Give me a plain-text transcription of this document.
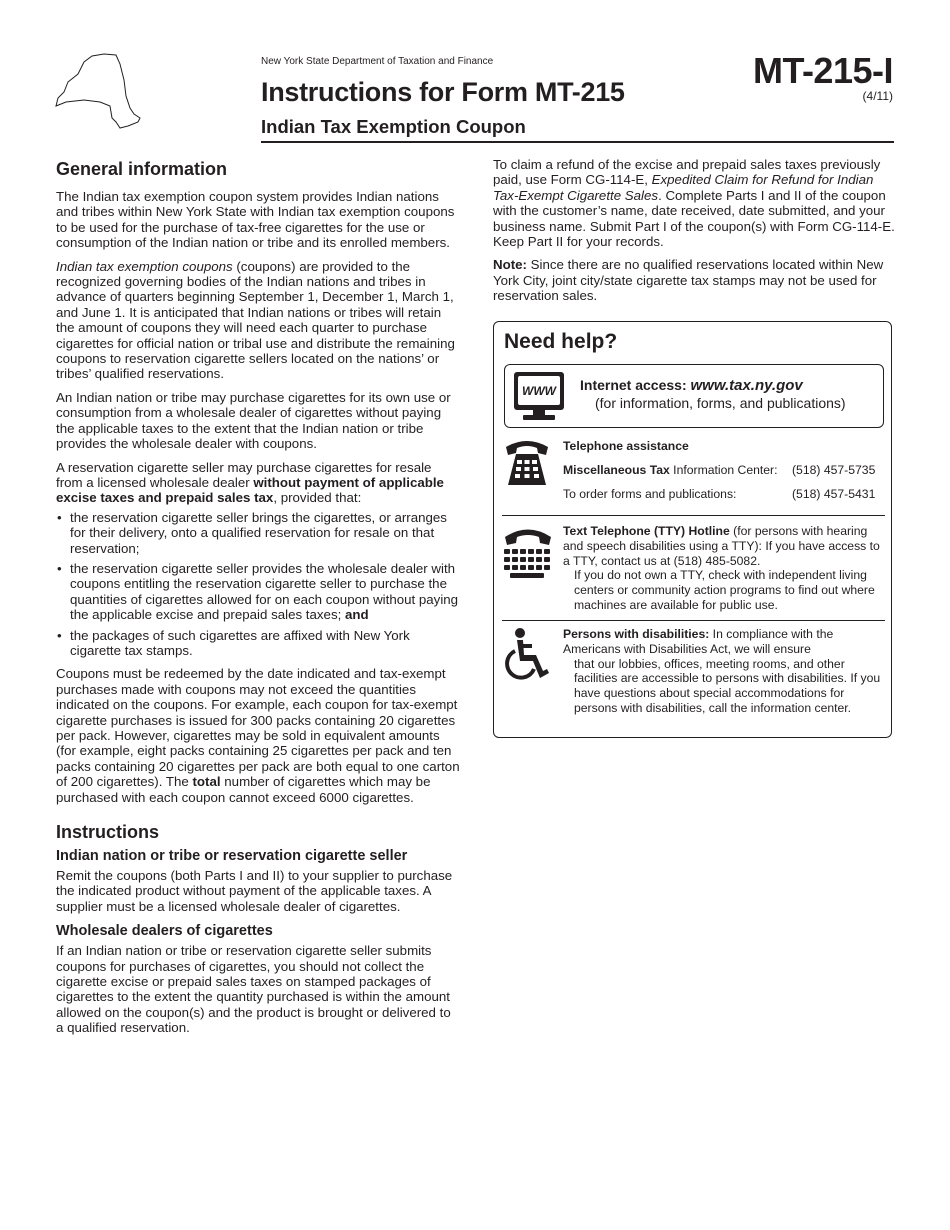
New York State Department of Taxation and Finance
Instructions for Form MT-215
Indian Tax Exemption Coupon
MT-215-I
(4/11)
General information

The Indian tax exemption coupon system provides Indian nations and tribes within New York State with Indian tax exemption coupons to be used for the purchase of tax-free cigarettes for the use or consumption of the Indian nation or tribe and its enrolled members.

Indian tax exemption coupons (coupons) are provided to the recognized governing bodies of the Indian nations and tribes in advance of quarters beginning September 1, December 1, March 1, and June 1. It is anticipated that Indian nations or tribes will retain the amount of coupons they will need each quarter to purchase cigarettes for official nation or tribal use and distribute the remaining coupons to reservation cigarette sellers located on the nations’ or tribes’ qualified reservations.

An Indian nation or tribe may purchase cigarettes for its own use or consumption from a wholesale dealer of cigarettes without paying the applicable taxes to the extent that the Indian nation or tribe provides the wholesale dealer with coupons.

A reservation cigarette seller may purchase cigarettes for resale from a licensed wholesale dealer without payment of applicable excise taxes and prepaid sales tax, provided that:

• the reservation cigarette seller brings the cigarettes, or arranges for their delivery, onto a qualified reservation for resale on that reservation;
• the reservation cigarette seller provides the wholesale dealer with coupons entitling the reservation cigarette seller to purchase the quantities of cigarettes allowed for on each coupon without paying the applicable excise and prepaid sales taxes; and
• the packages of such cigarettes are affixed with New York cigarette tax stamps.

Coupons must be redeemed by the date indicated and tax-exempt purchases made with coupons may not exceed the quantities indicated on the coupons. For example, each coupon for tax-exempt cigarette purchases is issued for 300 packs containing 20 cigarettes per pack. However, cigarettes may be sold in equivalent amounts (for example, eight packs containing 25 cigarettes per pack and ten packs containing 20 cigarettes per pack are both equal to one carton of 200 cigarettes). The total number of cigarettes which may be purchased with each coupon cannot exceed 6000 cigarettes.

Instructions
Indian nation or tribe or reservation cigarette seller

Remit the coupons (both Parts I and II) to your supplier to purchase the indicated product without payment of the applicable taxes. A supplier must be a licensed wholesale dealer of cigarettes.

Wholesale dealers of cigarettes

If an Indian nation or tribe or reservation cigarette seller submits coupons for purchases of cigarettes, you should not collect the cigarette excise or prepaid sales taxes on stamped packages of cigarettes to the extent the quantity purchased is within the amount allowed on the coupon(s) and the product is brought or delivered to a qualified reservation.

To claim a refund of the excise and prepaid sales taxes previously paid, use Form CG-114-E, Expedited Claim for Refund for Indian Tax-Exempt Cigarette Sales. Complete Parts I and II of the coupon with the customer’s name, date received, date submitted, and your business name. Submit Part I of the coupon(s) with Form CG-114-E. Keep Part II for your records.

Note: Since there are no qualified reservations located within New York City, joint city/state cigarette tax stamps may not be used for reservation sales.

Need help?
WWW Internet access: www.tax.ny.gov
(for information, forms, and publications)
Telephone assistance
Miscellaneous Tax Information Center:	(518) 457-5735
To order forms and publications:	(518) 457-5431
Text Telephone (TTY) Hotline (for persons with hearing and speech disabilities using a TTY): If you have access to a TTY, contact us at (518) 485-5082.
If you do not own a TTY, check with independent living centers or community action programs to find out where machines are available for public use.
Persons with disabilities: In compliance with the Americans with Disabilities Act, we will ensure
that our lobbies, offices, meeting rooms, and other facilities are accessible to persons with disabilities. If you have questions about special accommodations for persons with disabilities, call the information center.
